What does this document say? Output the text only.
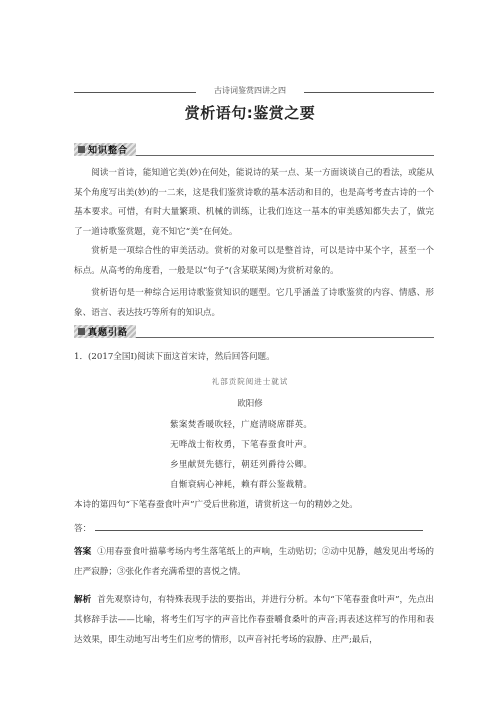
古诗词鉴赏四讲之四
赏析语句:鉴赏之要
知识整合
阅读一首诗，能知道它美(妙)在何处，能说诗的某一点、某一方面谈谈自己的看法，或能从某个角度写出美(妙)的一二来，这是我们鉴赏诗歌的基本活动和目的，也是高考考查古诗的一个基本要求。可惜，有时大量繁琐、机械的训练，让我们连这一基本的审美感知都失去了，做完了一道诗歌鉴赏题，竟不知它“美”在何处。
赏析是一项综合性的审美活动。赏析的对象可以是整首诗，可以是诗中某个字，甚至一个标点。从高考的角度看，一般是以“句子”(含某联某阕)为赏析对象的。
赏析语句是一种综合运用诗歌鉴赏知识的题型。它几乎涵盖了诗歌鉴赏的内容、情感、形象、语言、表达技巧等所有的知识点。
真题引路
1．(2017全国Ⅰ)阅读下面这首宋诗，然后回答问题。
礼部贡院阅进士就试
欧阳修
紫案焚香暖吹轻，广庭清晓席群英。
无哗战士衔枚勇，下笔春蚕食叶声。
乡里献贤先德行，朝廷列爵待公卿。
自惭衰病心神耗，赖有群公鉴裁精。
本诗的第四句“下笔春蚕食叶声”广受后世称道，请赏析这一句的精妙之处。
答：
答案 ①用春蚕食叶描摹考场内考生落笔纸上的声响，生动贴切；②动中见静，越发见出考场的庄严寂静；③张化作者充满希望的喜悦之情。
解析 首先观察诗句，有特殊表现手法的要指出，并进行分析。本句“下笔春蚕食叶声”，先点出其修辞手法——比喻，将考生们写字的声音比作春蚕嚼食桑叶的声音;再表述这样写的作用和表达效果，即生动地写出考生们应考的情形，以声音衬托考场的寂静、庄严;最后，
